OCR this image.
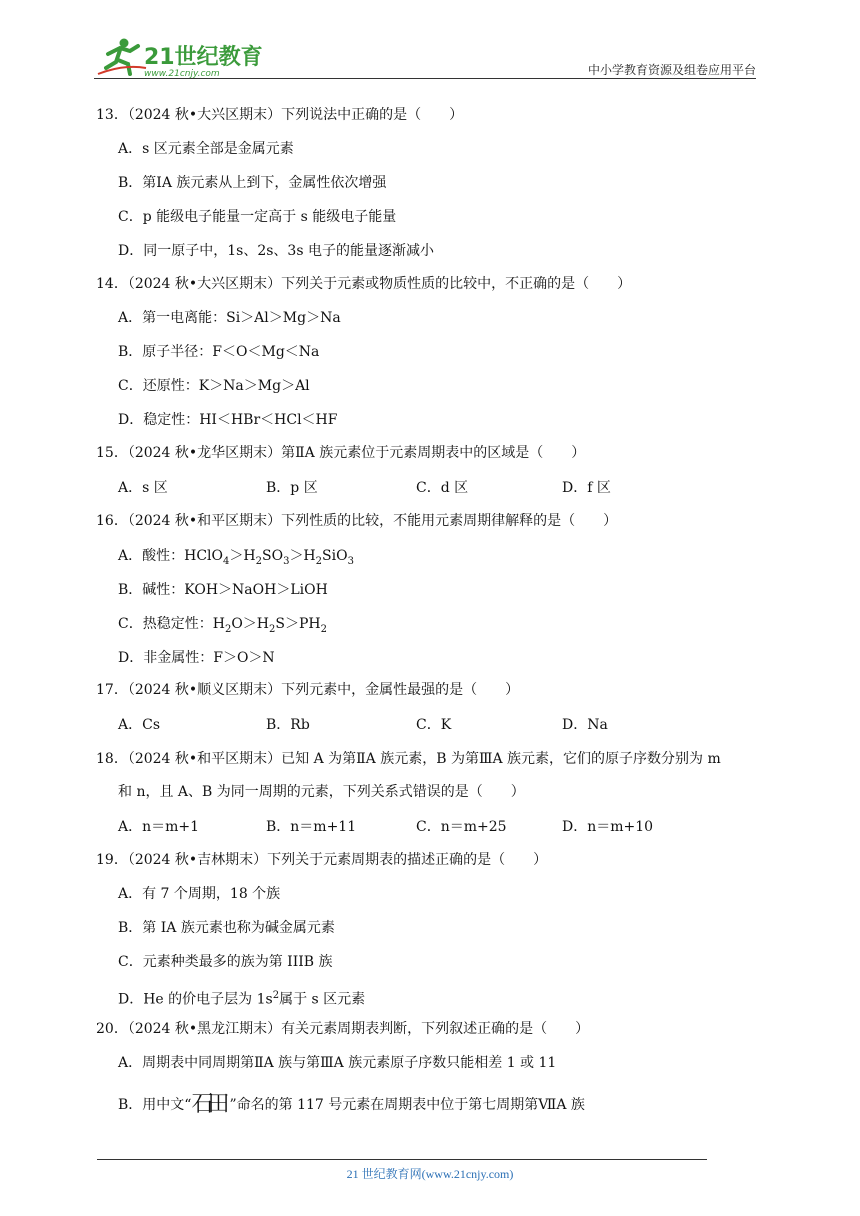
21世纪教育
www.21cnjy.com	中小学教育资源及组卷应用平台
13．（2024 秋•大兴区期末）下列说法中正确的是（　　）
A．s 区元素全部是金属元素
B．第ⅠA 族元素从上到下，金属性依次增强
C．p 能级电子能量一定高于 s 能级电子能量
D．同一原子中，1s、2s、3s 电子的能量逐渐减小
14．（2024 秋•大兴区期末）下列关于元素或物质性质的比较中，不正确的是（　　）
A．第一电离能：Si＞Al＞Mg＞Na
B．原子半径：F＜O＜Mg＜Na
C．还原性：K＞Na＞Mg＞Al
D．稳定性：HI＜HBr＜HCl＜HF
15．（2024 秋•龙华区期末）第ⅡA 族元素位于元素周期表中的区域是（　　）
A．s 区	B．p 区	C．d 区	D．f 区
16．（2024 秋•和平区期末）下列性质的比较，不能用元素周期律解释的是（　　）
A．酸性：$HClO_4>H_2SO_3>H_2SiO_3$
B．碱性：KOH＞NaOH＞LiOH
C．热稳定性：$H_2O>H_2S>PH_2$
D．非金属性：F＞O＞N
17．（2024 秋•顺义区期末）下列元素中，金属性最强的是（　　）
A．Cs	B．Rb	C．K	D．Na
18．（2024 秋•和平区期末）已知 A 为第ⅡA 族元素，B 为第ⅢA 族元素，它们的原子序数分别为 m
和 n，且 A、B 为同一周期的元素，下列关系式错误的是（　　）
A．n＝m+1	B．n＝m+11	C．n＝m+25	D．n＝m+10
19．（2024 秋•吉林期末）下列关于元素周期表的描述正确的是（　　）
A．有 7 个周期，18 个族
B．第 IA 族元素也称为碱金属元素
C．元素种类最多的族为第 IIIB 族
D．He 的价电子层为 $1s^2$属于 s 区元素
20．（2024 秋•黑龙江期末）有关元素周期表判断，下列叙述正确的是（　　）
A．周期表中同周期第ⅡA 族与第ⅢA 族元素原子序数只能相差 1 或 11
B．用中文“石田 ”命名的第 117 号元素在周期表中位于第七周期第ⅦA 族
21 世纪教育网(www.21cnjy.com)
